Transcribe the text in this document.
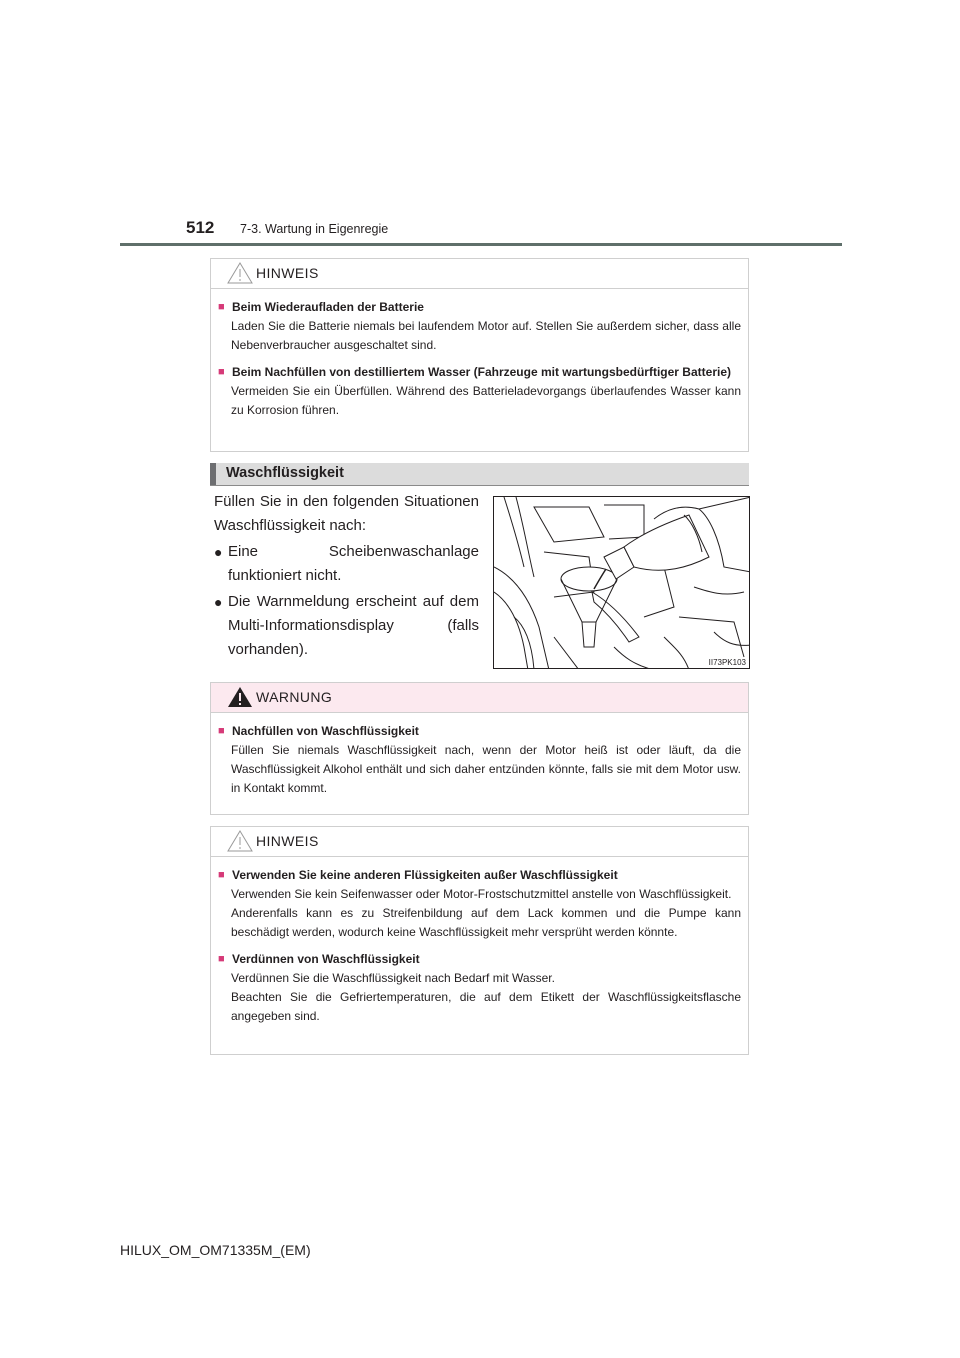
512 7-3. Wartung in Eigenregie
HINWEIS
■ Beim Wiederaufladen der Batterie
Laden Sie die Batterie niemals bei laufendem Motor auf. Stellen Sie außerdem sicher, dass alle Nebenverbraucher ausgeschaltet sind.
■ Beim Nachfüllen von destilliertem Wasser (Fahrzeuge mit wartungsbedürftiger Batterie)
Vermeiden Sie ein Überfüllen. Während des Batterieladevorgangs überlaufendes Wasser kann zu Korrosion führen.
Waschflüssigkeit

Füllen Sie in den folgenden Situationen Waschflüssigkeit nach:

● Eine Scheibenwaschanlage funktioniert nicht.
● Die Warnmeldung erscheint auf dem Multi-Informationsdisplay (falls vorhanden).
II73PK103
WARNUNG
■ Nachfüllen von Waschflüssigkeit
Füllen Sie niemals Waschflüssigkeit nach, wenn der Motor heiß ist oder läuft, da die Waschflüssigkeit Alkohol enthält und sich daher entzünden könnte, falls sie mit dem Motor usw. in Kontakt kommt.
HINWEIS
■ Verwenden Sie keine anderen Flüssigkeiten außer Waschflüssigkeit
Verwenden Sie kein Seifenwasser oder Motor-Frostschutzmittel anstelle von Waschflüssigkeit.
Anderenfalls kann es zu Streifenbildung auf dem Lack kommen und die Pumpe kann beschädigt werden, wodurch keine Waschflüssigkeit mehr versprüht werden könnte.
■ Verdünnen von Waschflüssigkeit
Verdünnen Sie die Waschflüssigkeit nach Bedarf mit Wasser.
Beachten Sie die Gefriertemperaturen, die auf dem Etikett der Waschflüssigkeitsflasche angegeben sind.
HILUX_OM_OM71335M_(EM)
